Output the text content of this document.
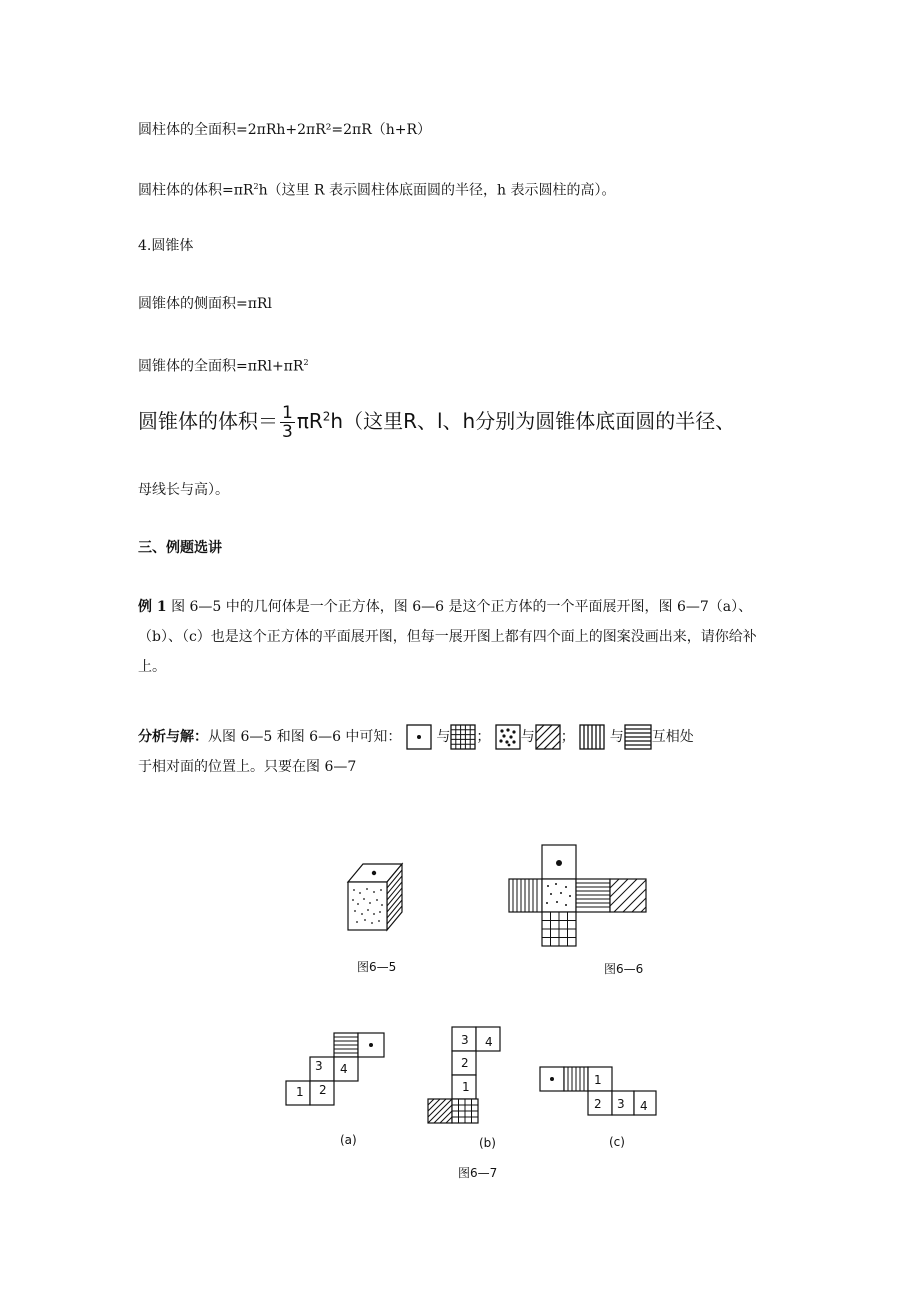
圆柱体的全面积=2πRh+2πR²=2πR（h+R）
圆柱体的体积$=\pi R^2h$（这里 R 表示圆柱体底面圆的半径，h 表示圆柱的高）。
4.圆锥体
圆锥体的侧面积=πRl
圆锥体的全面积$=\pi Rl+\pi R^2$
圆锥体的体积＝ $\frac{1}{3} \pi R^2h$（这里R、l、h分别为圆锥体底面圆的半径、
母线长与高）。
三、例题选讲
例 1 图 6—5 中的几何体是一个正方体，图 6—6 是这个正方体的一个平面展开图，图 6—7（a）、（b）、（c）也是这个正方体的平面展开图，但每一展开图上都有四个面上的图案没画出来，请你给补上。
分析与解：从图 6—5 和图 6—6 中可知： 与 ； 与 ； 与 互相处
于相对面的位置上。只要在图 6—7
图6—5	图6—6
3 4
1 2
(a)
3 4
2
1
(b)
1
2 3 4
(c)
图6—7
